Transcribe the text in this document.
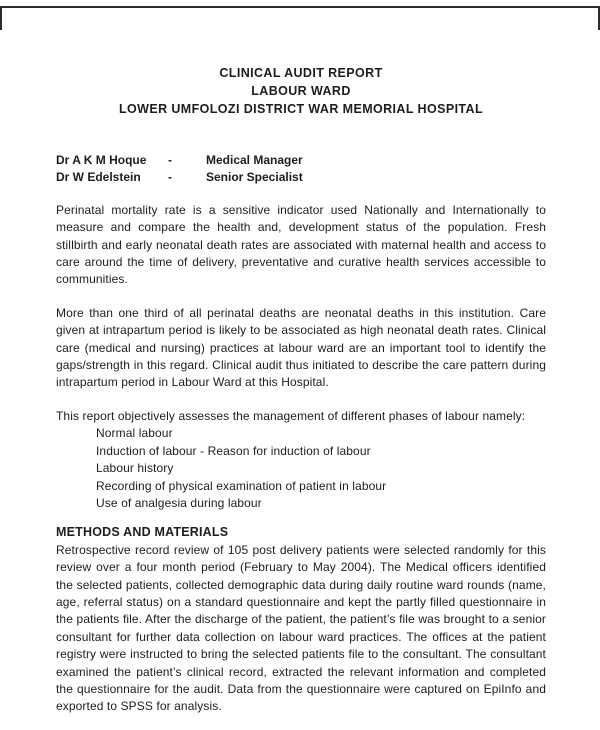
CLINICAL AUDIT REPORT
LABOUR WARD
LOWER UMFOLOZI DISTRICT WAR MEMORIAL HOSPITAL
Dr A K M Hoque	-	Medical Manager
Dr W Edelstein	-	Senior Specialist

Perinatal mortality rate is a sensitive indicator used Nationally and Internationally to measure and compare the health and, development status of the population. Fresh stillbirth and early neonatal death rates are associated with maternal health and access to care around the time of delivery, preventative and curative health services accessible to communities.

More than one third of all perinatal deaths are neonatal deaths in this institution. Care given at intrapartum period is likely to be associated as high neonatal death rates. Clinical care (medical and nursing) practices at labour ward are an important tool to identify the gaps/strength in this regard. Clinical audit thus initiated to describe the care pattern during intrapartum period in Labour Ward at this Hospital.

This report objectively assesses the management of different phases of labour namely:

Normal labour
Induction of labour - Reason for induction of labour
Labour history
Recording of physical examination of patient in labour
Use of analgesia during labour
METHODS AND MATERIALS

Retrospective record review of 105 post delivery patients were selected randomly for this review over a four month period (February to May 2004). The Medical officers identified the selected patients, collected demographic data during daily routine ward rounds (name, age, referral status) on a standard questionnaire and kept the partly filled questionnaire in the patients file. After the discharge of the patient, the patient’s file was brought to a senior consultant for further data collection on labour ward practices. The offices at the patient registry were instructed to bring the selected patients file to the consultant. The consultant examined the patient’s clinical record, extracted the relevant information and completed the questionnaire for the audit. Data from the questionnaire were captured on EpiInfo and exported to SPSS for analysis.
